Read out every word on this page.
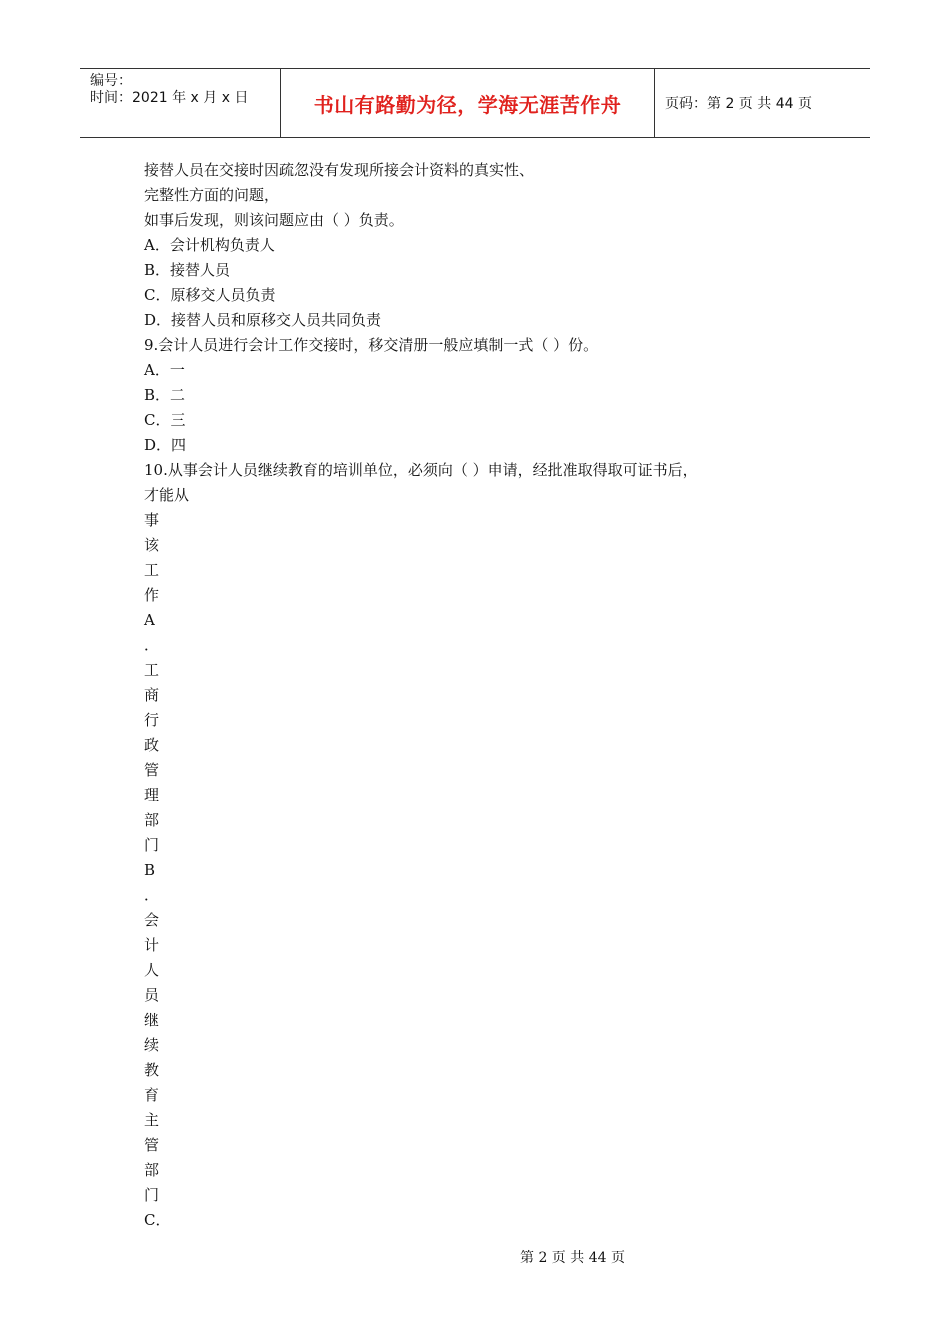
编号：
时间：2021 年 x 月 x 日	书山有路勤为径，学海无涯苦作舟	页码：第 2 页 共 44 页
接替人员在交接时因疏忽没有发现所接会计资料的真实性、
完整性方面的问题，
如事后发现，则该问题应由（ ）负责。
A．会计机构负责人
B．接替人员
C．原移交人员负责
D．接替人员和原移交人员共同负责
9.会计人员进行会计工作交接时，移交清册一般应填制一式（ ）份。
A．一
B．二
C．三
D．四
10.从事会计人员继续教育的培训单位，必须向（ ）申请，经批准取得取可证书后，
才能从
事
该
工
作
A
．
工
商
行
政
管
理
部
门
B
．
会
计
人
员
继
续
教
育
主
管
部
门
C．
第 2 页 共 44 页
